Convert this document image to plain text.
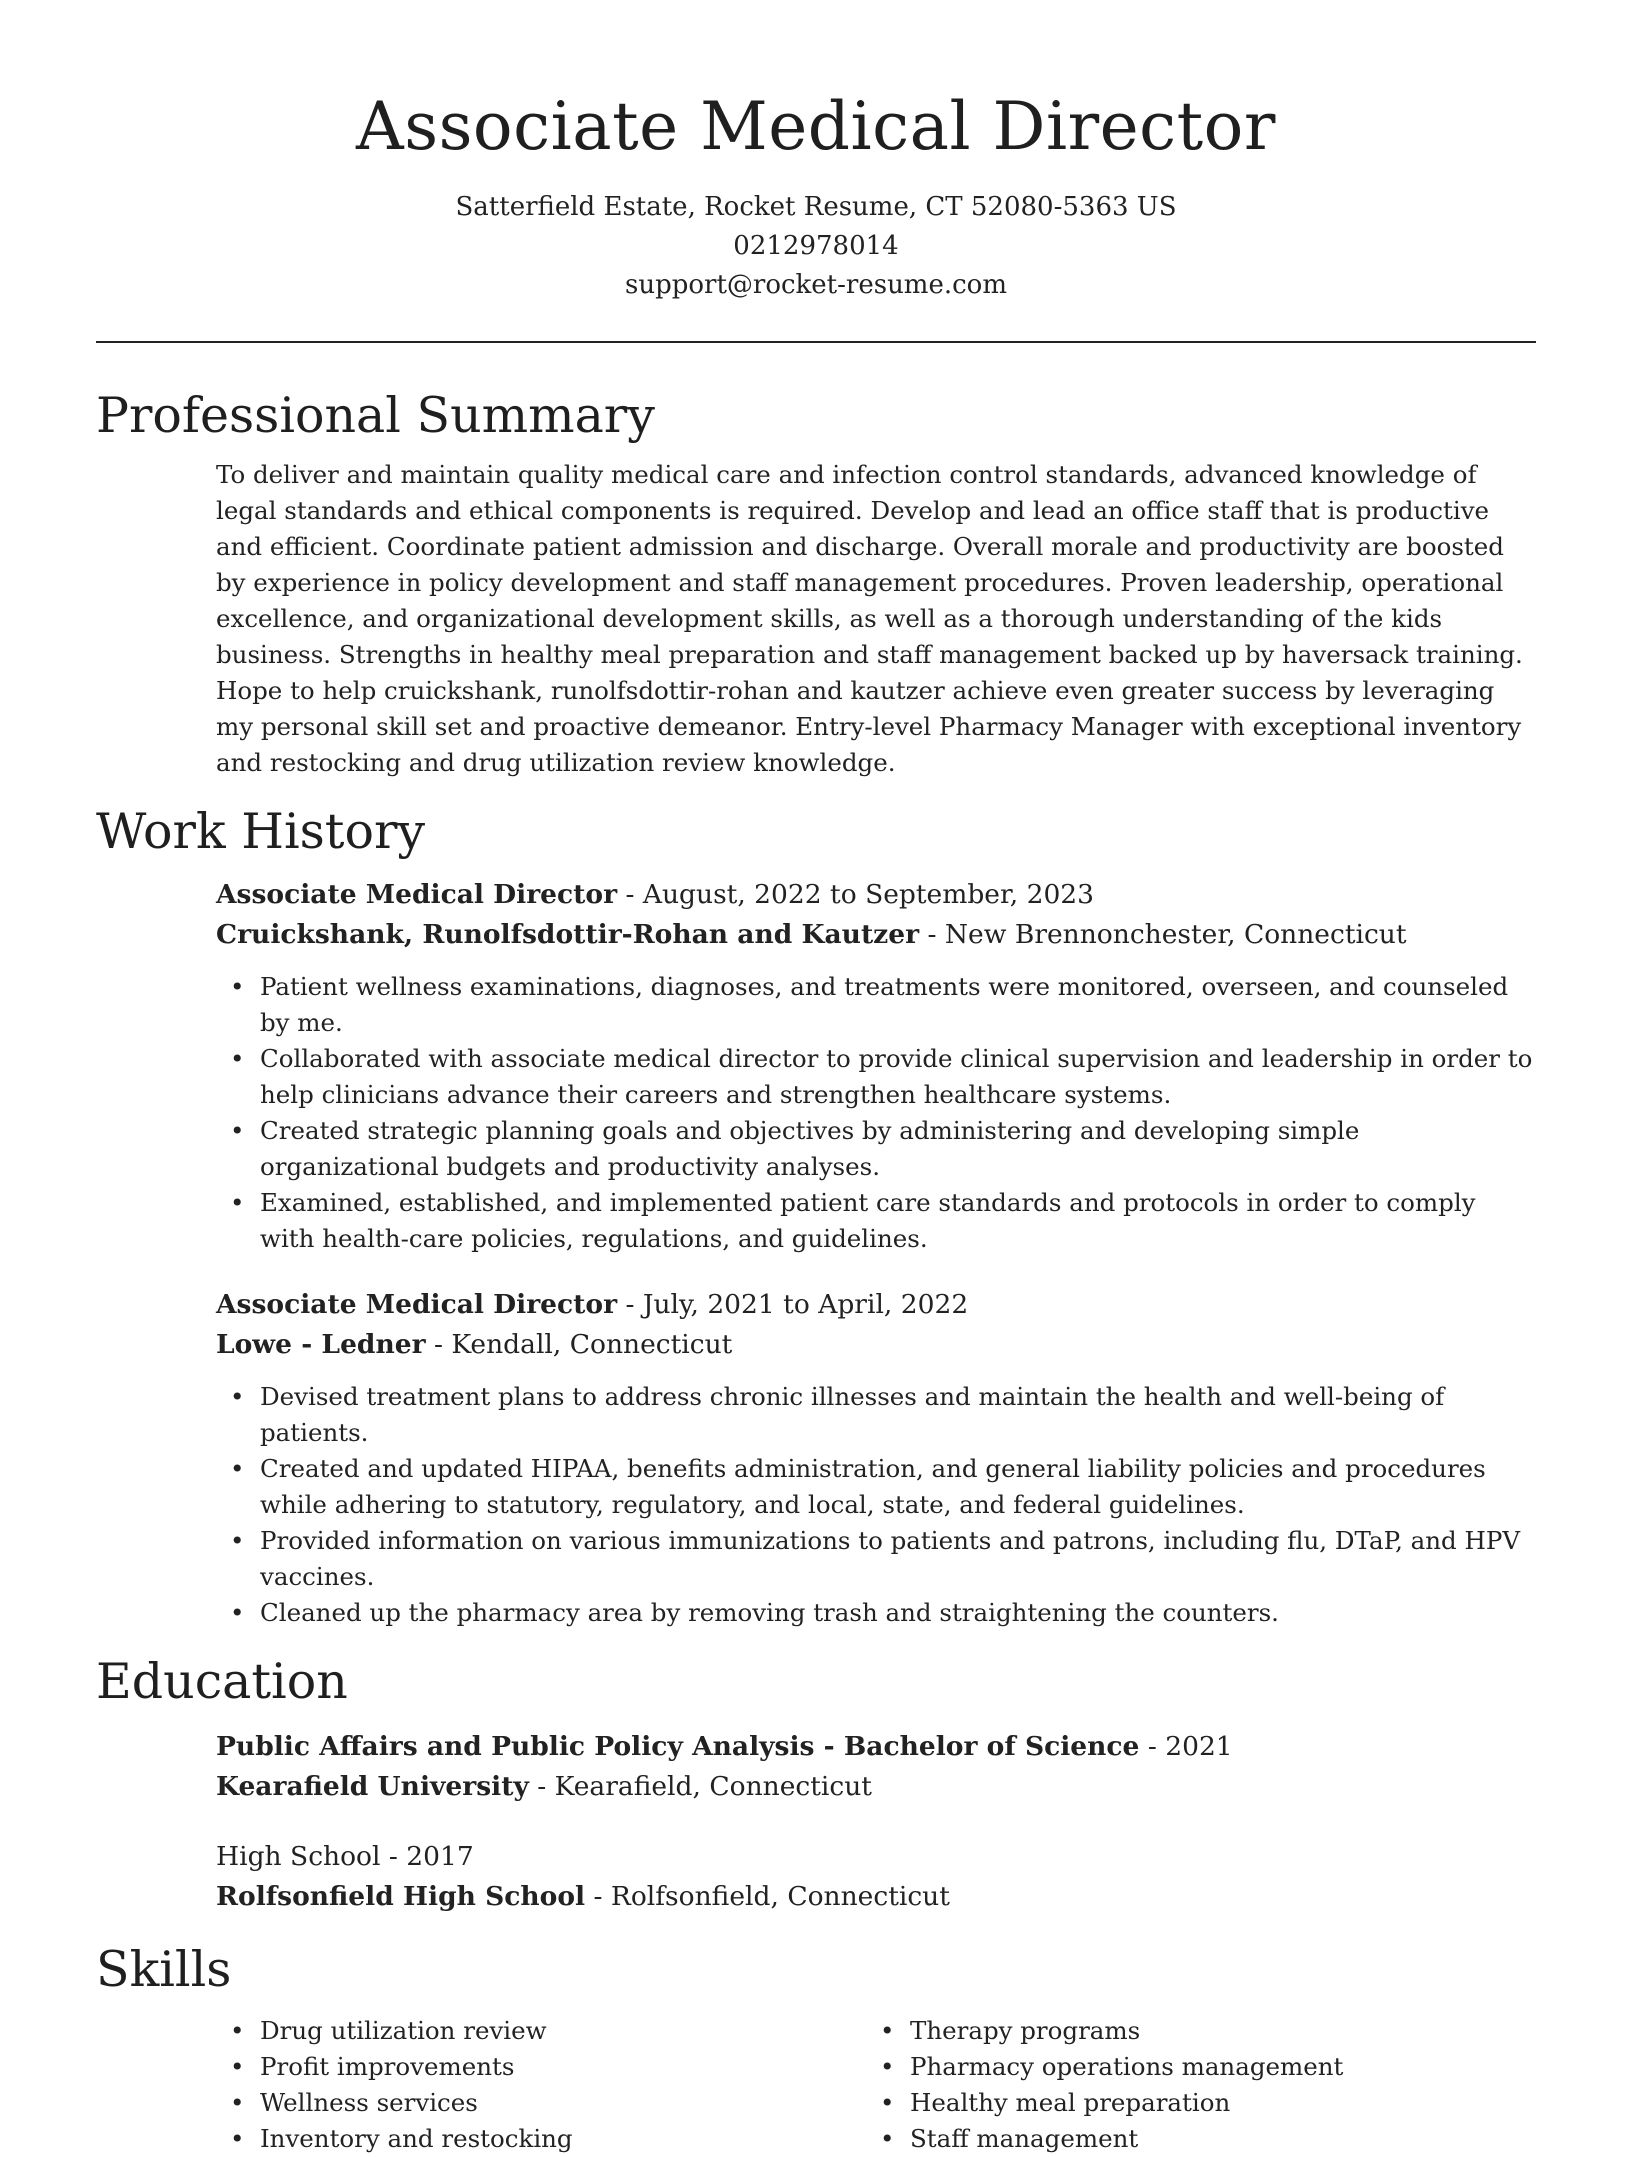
Associate Medical Director
Satterfield Estate, Rocket Resume, CT 52080-5363 US
0212978014
support@rocket-resume.com
Professional Summary
To deliver and maintain quality medical care and infection control standards, advanced knowledge of legal standards and ethical components is required. Develop and lead an office staff that is productive and efficient. Coordinate patient admission and discharge. Overall morale and productivity are boosted by experience in policy development and staff management procedures. Proven leadership, operational excellence, and organizational development skills, as well as a thorough understanding of the kids business. Strengths in healthy meal preparation and staff management backed up by haversack training. Hope to help cruickshank, runolfsdottir-rohan and kautzer achieve even greater success by leveraging my personal skill set and proactive demeanor. Entry-level Pharmacy Manager with exceptional inventory and restocking and drug utilization review knowledge.
Work History
Associate Medical Director - August, 2022 to September, 2023
Cruickshank, Runolfsdottir-Rohan and Kautzer - New Brennonchester, Connecticut
• Patient wellness examinations, diagnoses, and treatments were monitored, overseen, and counseled by me.
• Collaborated with associate medical director to provide clinical supervision and leadership in order to help clinicians advance their careers and strengthen healthcare systems.
• Created strategic planning goals and objectives by administering and developing simple organizational budgets and productivity analyses.
• Examined, established, and implemented patient care standards and protocols in order to comply with health-care policies, regulations, and guidelines.
Associate Medical Director - July, 2021 to April, 2022
Lowe - Ledner - Kendall, Connecticut
• Devised treatment plans to address chronic illnesses and maintain the health and well-being of patients.
• Created and updated HIPAA, benefits administration, and general liability policies and procedures while adhering to statutory, regulatory, and local, state, and federal guidelines.
• Provided information on various immunizations to patients and patrons, including flu, DTaP, and HPV vaccines.
• Cleaned up the pharmacy area by removing trash and straightening the counters.
Education
Public Affairs and Public Policy Analysis - Bachelor of Science - 2021
Kearafield University - Kearafield, Connecticut
High School - 2017
Rolfsonfield High School - Rolfsonfield, Connecticut
Skills
• Drug utilization review
• Profit improvements
• Wellness services
• Inventory and restocking
• Therapy programs
• Pharmacy operations management
• Healthy meal preparation
• Staff management
